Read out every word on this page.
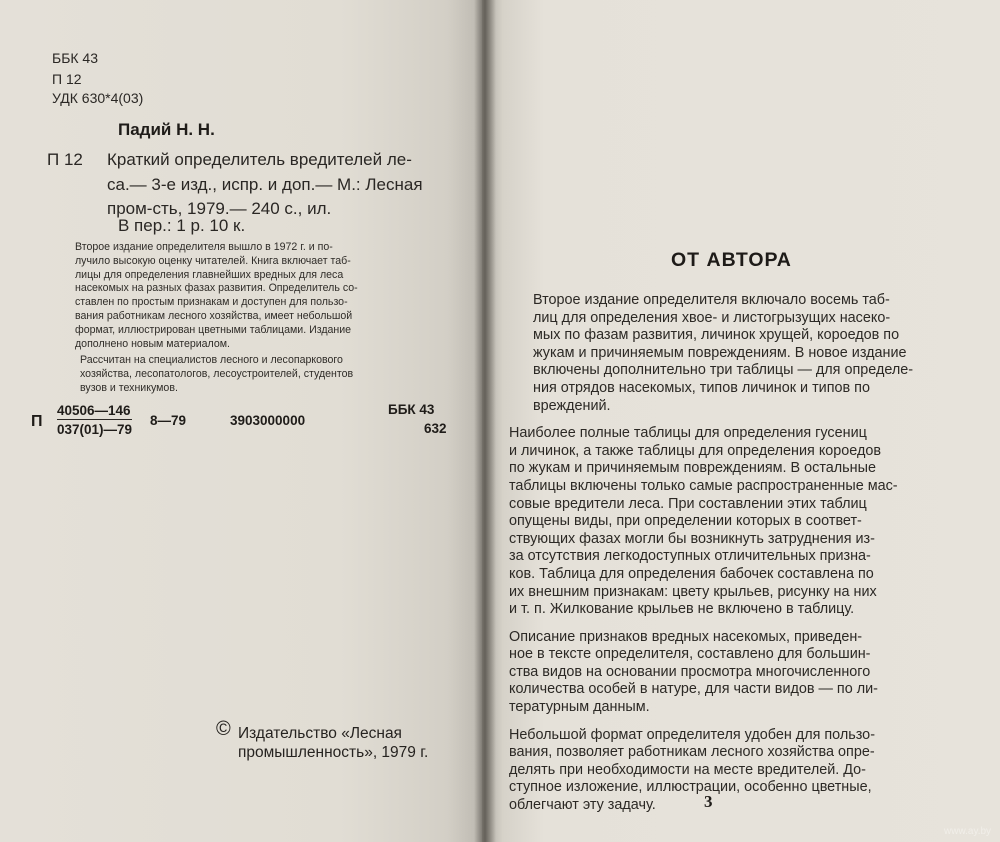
ББК 43
П 12
УДК 630*4(03)
Падий Н. Н.
П 12 Краткий определитель вредителей ле-
са.— 3-е изд., испр. и доп.— М.: Лесная
пром-сть, 1979.— 240 с., ил.
В пер.: 1 р. 10 к.
Второе издание определителя вышло в 1972 г. и по-
лучило высокую оценку читателей. Книга включает таб-
лицы для определения главнейших вредных для леса
насекомых на разных фазах развития. Определитель со-
ставлен по простым признакам и доступен для пользо-
вания работникам лесного хозяйства, имеет небольшой
формат, иллюстрирован цветными таблицами. Издание
дополнено новым материалом.
Рассчитан на специалистов лесного и лесопаркового
хозяйства, лесопатологов, лесоустроителей, студентов
вузов и техникумов.
П $\frac{40506—146}{037(01)—79}$ 8—79	3903000000
ББК 43
632
© Издательство «Лесная
промышленность», 1979 г.
ОТ АВТОРА

Второе издание определителя включало восемь таб-
лиц для определения хвое- и листогрызущих насеко-
мых по фазам развития, личинок хрущей, короедов по
жукам и причиняемым повреждениям. В новое издание
включены дополнительно три таблицы — для определе-
ния отрядов насекомых, типов личинок и типов по
вреждений.

Наиболее полные таблицы для определения гусениц
и личинок, а также таблицы для определения короедов
по жукам и причиняемым повреждениям. В остальные
таблицы включены только самые распространенные мас-
совые вредители леса. При составлении этих таблиц
опущены виды, при определении которых в соответ-
ствующих фазах могли бы возникнуть затруднения из-
за отсутствия легкодоступных отличительных призна-
ков. Таблица для определения бабочек составлена по
их внешним признакам: цвету крыльев, рисунку на них
и т. п. Жилкование крыльев не включено в таблицу.

Описание признаков вредных насекомых, приведен-
ное в тексте определителя, составлено для большин-
ства видов на основании просмотра многочисленного
количества особей в натуре, для части видов — по ли-
тературным данным.

Небольшой формат определителя удобен для пользо-
вания, позволяет работникам лесного хозяйства опре-
делять при необходимости на месте вредителей. До-
ступное изложение, иллюстрации, особенно цветные,
облегчают эту задачу.	3
www.ay.by
